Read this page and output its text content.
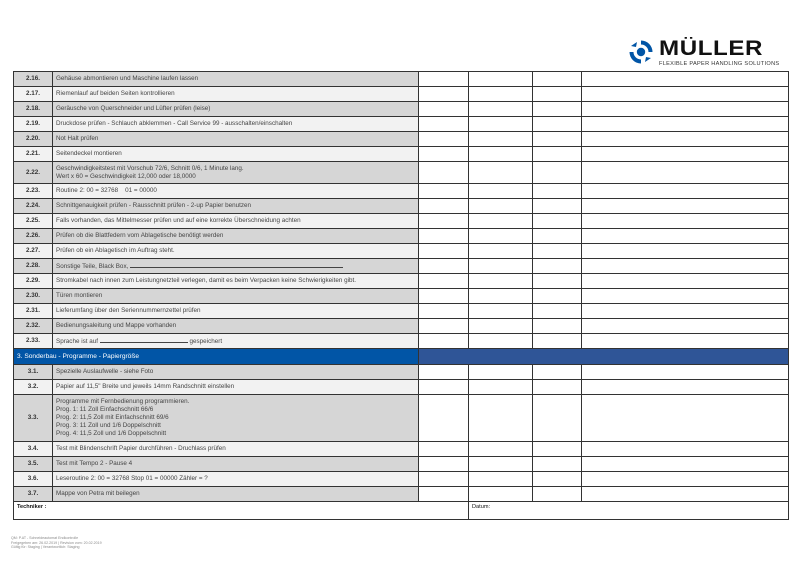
MÜLLER
FLEXIBLE PAPER HANDLING SOLUTIONS
2.16.	Gehäuse abmontieren und Maschine laufen lassen				
2.17.	Riemenlauf auf beiden Seiten kontrollieren				
2.18.	Geräusche von Querschneider und Lüfter prüfen (leise)				
2.19.	Druckdose prüfen - Schlauch abklemmen - Call Service 99 - ausschalten/einschalten				
2.20.	Not Halt prüfen				
2.21.	Seitendeckel montieren				
2.22.	Geschwindigkeitstest mit Vorschub 72/6, Schnitt 0/6, 1 Minute lang.
Wert x 60 = Geschwindigkeit 12,000 oder 18,0000				

2.23.	Routine 2: 00 = 32768    01 = 00000				
2.24.	Schnittgenauigkeit prüfen - Rausschnitt prüfen - 2-up Papier benutzen				
2.25.	Falls vorhanden, das Mittelmesser prüfen und auf eine korrekte Überschneidung achten				
2.26.	Prüfen ob die Blattfedern vom Ablagetische benötigt werden				
2.27.	Prüfen ob ein Ablagetisch im Auftrag steht.				
2.28.	Sonstige Teile, Black Box,				
2.29.	Stromkabel nach innen zum Leistungnetzteil verlegen, damit es beim Verpacken keine Schwierigkeiten gibt.				
2.30.	Türen montieren				
2.31.	Lieferumfang über den Seriennummernzettel prüfen				
2.32.	Bedienungsaleitung und Mappe vorhanden				
2.33.	Sprache ist auf gespeichert				
3. Sonderbau - Programme - Papiergröße					
3.1.	Spezielle Auslaufwelle - siehe Foto				
3.2.	Papier auf 11,5" Breite und jeweils 14mm Randschnitt einstellen				
3.3.	Programme mit Fernbedienung programmieren.
Prog. 1: 11 Zoll Einfachschnitt 66/6
Prog. 2: 11,5 Zoll mit Einfachschnitt 69/6
Prog. 3: 11 Zoll und 1/6 Doppelschnitt
Prog. 4: 11,5 Zoll und 1/6 Doppelschnitt				

3.4.	Test mit Blindenschrift Papier durchführen - Druchlass prüfen				
3.5.	Test mit Tempo 2 - Pause 4				
3.6.	Leseroutine 2: 00 = 32768 Stop 01 = 00000 Zähler = ?				
3.7.	Mappe von Petra mit beilegen				
Techniker :			Datum:		
QM: P.AT - Schneideautomat Endkontrolle
Freigegeben am: 26.02.2019 | Revision vom: 20.02.2019
Gültig für: Staging | Verantwortlich: Staging
